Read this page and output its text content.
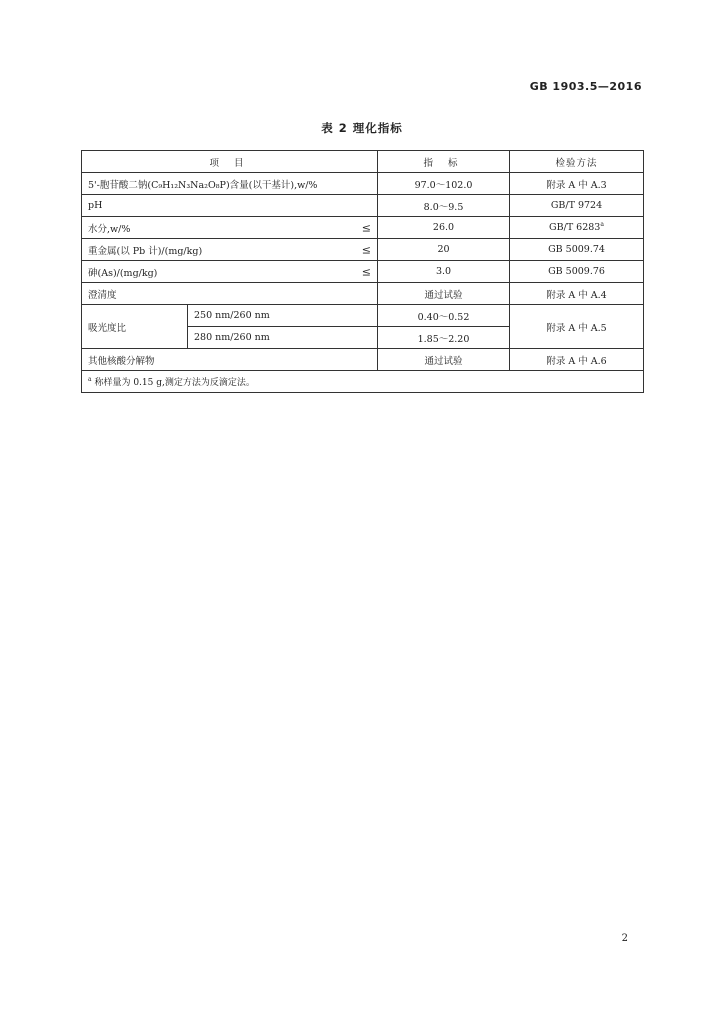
GB 1903.5—2016
表 2 理化指标
项 目		指 标	检验方法
5'-胞苷酸二钠(C₉H₁₂N₃Na₂O₈P)含量(以干基计),w/%		97.0～102.0	附录 A 中 A.3
pH		8.0～9.5	GB/T 9724
水分,w/% ≤		26.0	GB/T 6283$^a$
重金属(以 Pb 计)/(mg/kg) ≤		20	GB 5009.74
砷(As)/(mg/kg) ≤		3.0	GB 5009.76
澄清度		通过试验	附录 A 中 A.4
吸光度比	250 nm/260 nm	0.40～0.52	附录 A 中 A.5
	280 nm/260 nm	1.85～2.20	
其他核酸分解物		通过试验	附录 A 中 A.6
$^a$ 称样量为 0.15 g,测定方法为反滴定法。			
2
